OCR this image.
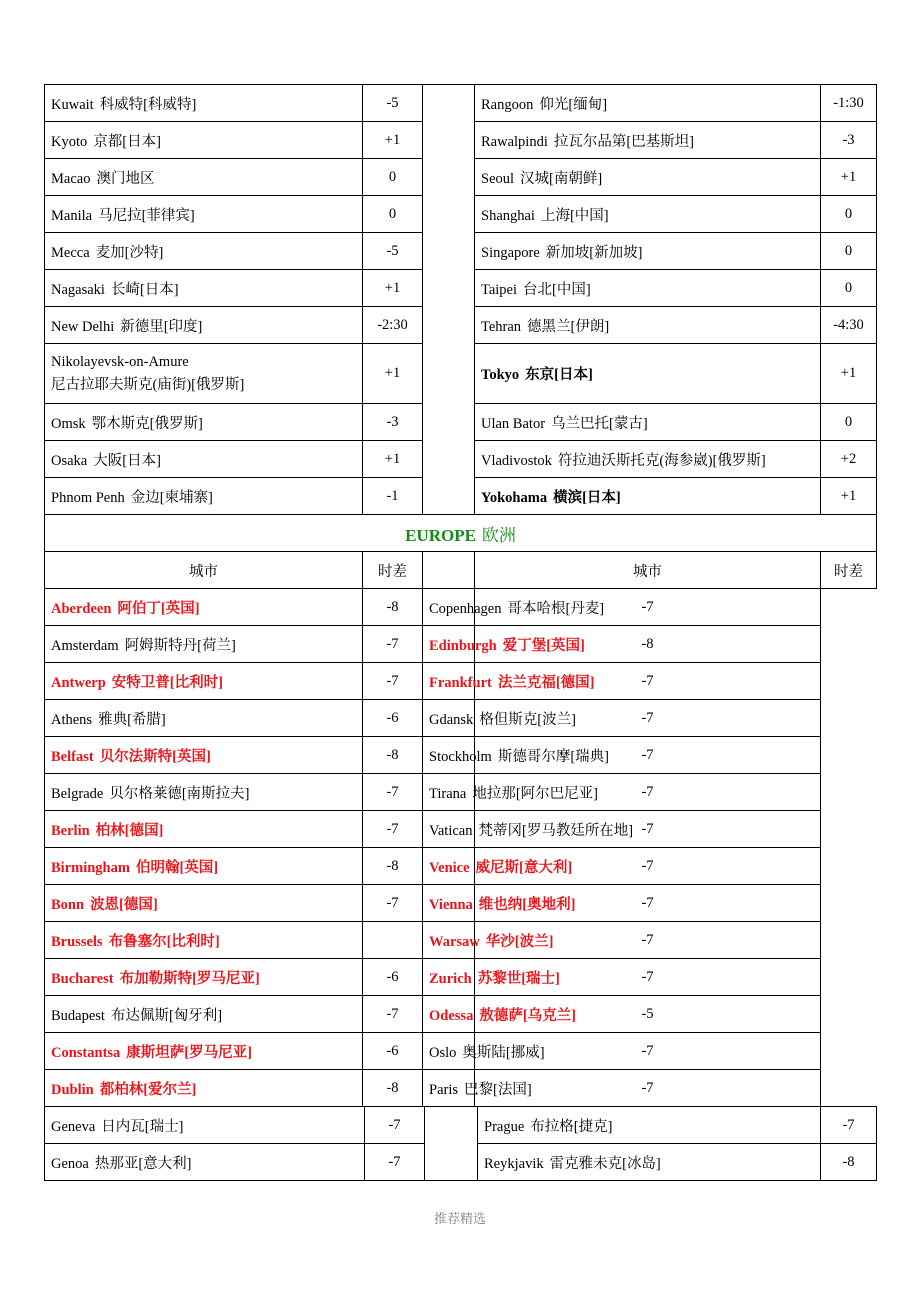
Kuwait 科威特[科威特]	-5		Rangoon 仰光[缅甸]	-1:30
Kyoto 京都[日本]	+1		Rawalpindi 拉瓦尔品第[巴基斯坦]	-3
Macao 澳门地区	0		Seoul 汉城[南朝鲜]	+1
Manila 马尼拉[菲律宾]	0		Shanghai 上海[中国]	0
Mecca 麦加[沙特]	-5		Singapore 新加坡[新加坡]	0
Nagasaki 长崎[日本]	+1		Taipei 台北[中国]	0
New Delhi 新德里[印度]	-2:30		Tehran 德黑兰[伊朗]	-4:30
Nikolayevsk-on-Amure
尼古拉耶夫斯克(庙街)[俄罗斯]	+1		Tokyo 东京[日本]	+1
Omsk 鄂木斯克[俄罗斯]	-3		Ulan Bator 乌兰巴托[蒙古]	0
Osaka 大阪[日本]	+1		Vladivostok 符拉迪沃斯托克(海参崴)[俄罗斯]	+2
Phnom Penh 金边[柬埔寨]	-1		Yokohama 横滨[日本]	+1
EUROPE 欧洲				
城市	时差		城市	时差
Aberdeen 阿伯丁[英国]	-8	Copenhagen 哥本哈根[丹麦]	-7	
Amsterdam 阿姆斯特丹[荷兰]	-7	Edinburgh 爱丁堡[英国]	-8	
Antwerp 安特卫普[比利时]	-7	Frankfurt 法兰克福[德国]	-7	
Athens 雅典[希腊]	-6	Gdansk 格但斯克[波兰]	-7	
Belfast 贝尔法斯特[英国]	-8	Stockholm 斯德哥尔摩[瑞典]	-7	
Belgrade 贝尔格莱德[南斯拉夫]	-7	Tirana 地拉那[阿尔巴尼亚]	-7	
Berlin 柏林[德国]	-7	Vatican 梵蒂冈[罗马教廷所在地]	-7	
Birmingham 伯明翰[英国]	-8	Venice 威尼斯[意大利]	-7	
Bonn 波恩[德国]	-7	Vienna 维也纳[奥地利]	-7	
Brussels 布鲁塞尔[比利时]		Warsaw 华沙[波兰]	-7	
Bucharest 布加勒斯特[罗马尼亚]	-6	Zurich 苏黎世[瑞士]	-7	
Budapest 布达佩斯[匈牙利]	-7	Odessa 敖德萨[乌克兰]	-5	
Constantsa 康斯坦萨[罗马尼亚]	-6	Oslo 奥斯陆[挪威]	-7	
Dublin 都柏林[爱尔兰]	-8	Paris 巴黎[法国]	-7	
Geneva 日内瓦[瑞士]	-7		Prague 布拉格[捷克]	-7
Genoa 热那亚[意大利]	-7		Reykjavik 雷克雅未克[冰岛]	-8
推荐精选
